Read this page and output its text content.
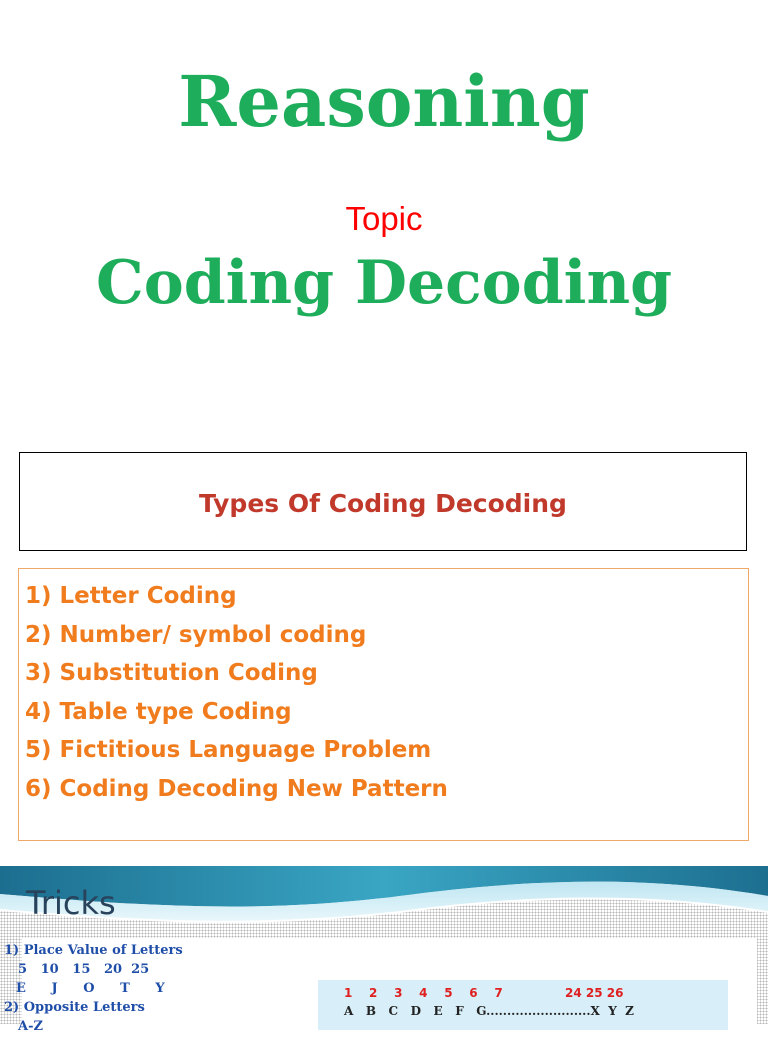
Reasoning
Topic
Coding Decoding
Types Of Coding Decoding
1) Letter Coding
2) Number/ symbol coding
3) Substitution Coding
4) Table type Coding
5) Fictitious Language Problem
6) Coding Decoding New Pattern
Tricks
1) Place Value of Letters
5   10   15   20  25
E   J   O   T   Y
2) Opposite Letters
A-Z
1    2    3    4    5    6    7	24 25 26
A   B   C   D   E   F   G.........................X  Y  Z
